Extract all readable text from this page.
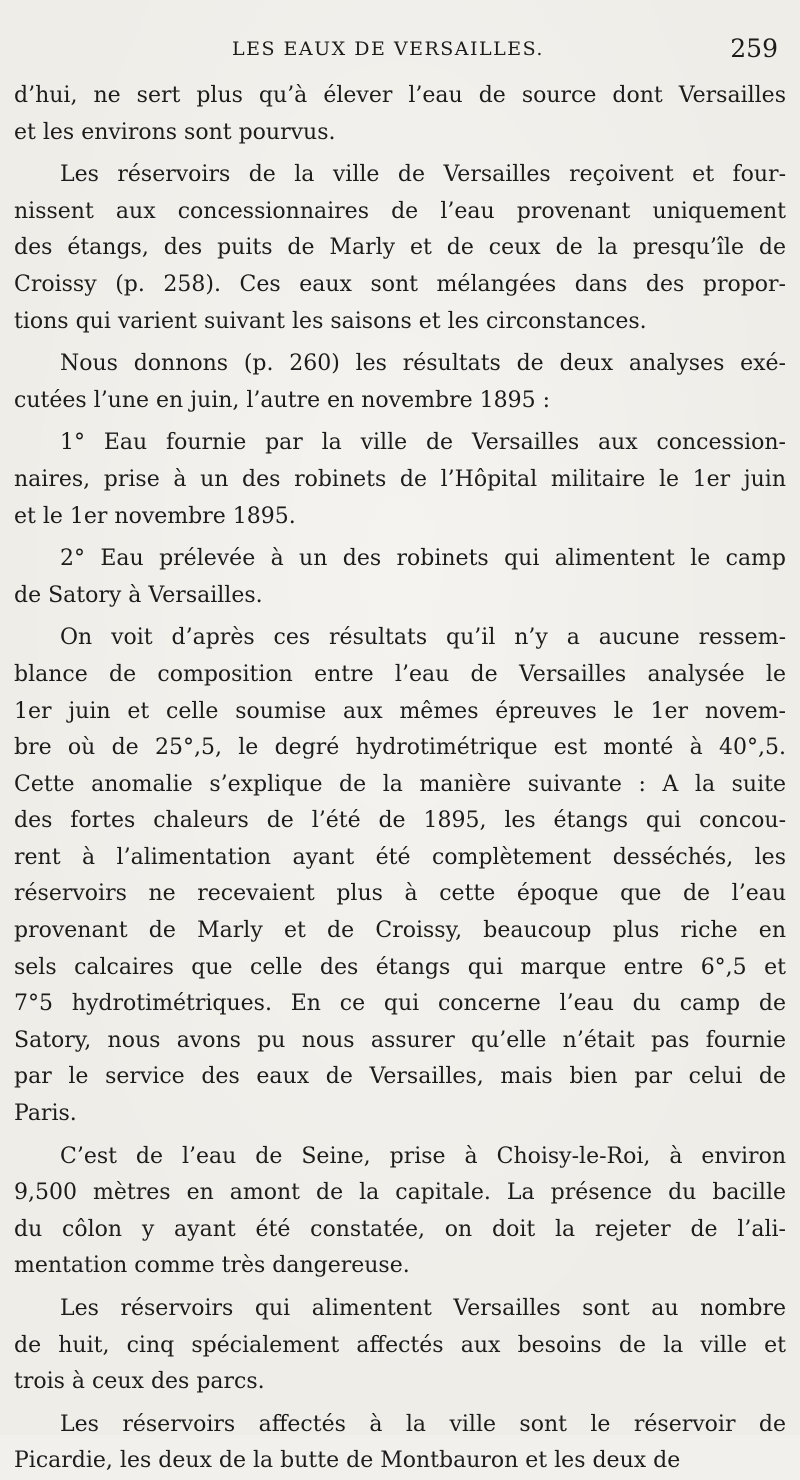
LES EAUX DE VERSAILLES.	259
d’hui, ne sert plus qu’à élever l’eau de source dont Versailles
et les environs sont pourvus.
Les réservoirs de la ville de Versailles reçoivent et four-
nissent aux concessionnaires de l’eau provenant uniquement
des étangs, des puits de Marly et de ceux de la presqu’île de
Croissy (p. 258). Ces eaux sont mélangées dans des propor-
tions qui varient suivant les saisons et les circonstances.
Nous donnons (p. 260) les résultats de deux analyses exé-
cutées l’une en juin, l’autre en novembre 1895 :
1° Eau fournie par la ville de Versailles aux concession-
naires, prise à un des robinets de l’Hôpital militaire le 1er juin
et le 1er novembre 1895.
2° Eau prélevée à un des robinets qui alimentent le camp
de Satory à Versailles.
On voit d’après ces résultats qu’il n’y a aucune ressem-
blance de composition entre l’eau de Versailles analysée le
1er juin et celle soumise aux mêmes épreuves le 1er novem-
bre où de 25°,5, le degré hydrotimétrique est monté à 40°,5.
Cette anomalie s’explique de la manière suivante : A la suite
des fortes chaleurs de l’été de 1895, les étangs qui concou-
rent à l’alimentation ayant été complètement desséchés, les
réservoirs ne recevaient plus à cette époque que de l’eau
provenant de Marly et de Croissy, beaucoup plus riche en
sels calcaires que celle des étangs qui marque entre 6°,5 et
7°5 hydrotimétriques. En ce qui concerne l’eau du camp de
Satory, nous avons pu nous assurer qu’elle n’était pas fournie
par le service des eaux de Versailles, mais bien par celui de
Paris.
C’est de l’eau de Seine, prise à Choisy-le-Roi, à environ
9,500 mètres en amont de la capitale. La présence du bacille
du côlon y ayant été constatée, on doit la rejeter de l’ali-
mentation comme très dangereuse.
Les réservoirs qui alimentent Versailles sont au nombre
de huit, cinq spécialement affectés aux besoins de la ville et
trois à ceux des parcs.
Les réservoirs affectés à la ville sont le réservoir de
Picardie, les deux de la butte de Montbauron et les deux de
